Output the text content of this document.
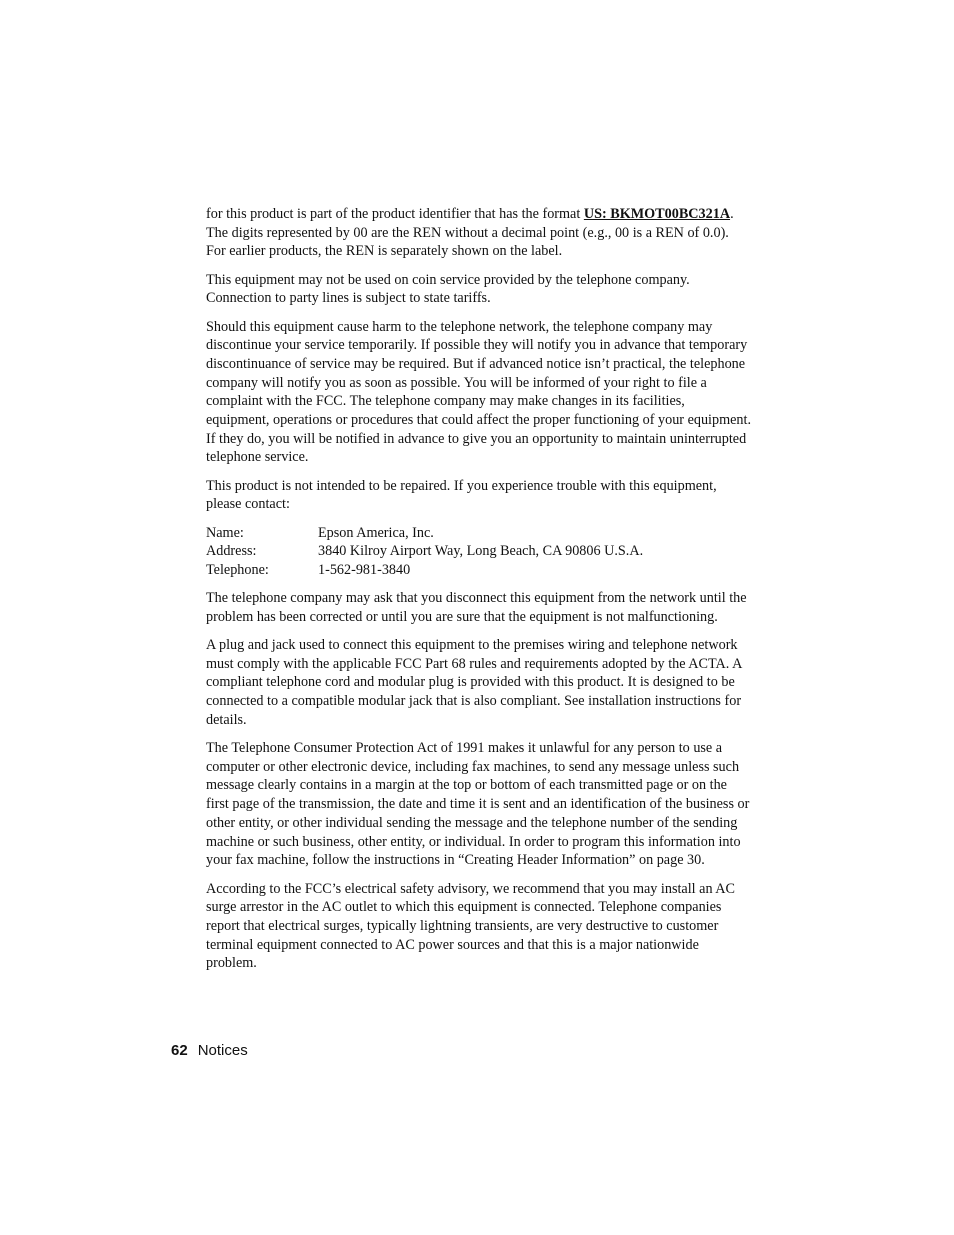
for this product is part of the product identifier that has the format US: BKMOT00BC321A. The digits represented by 00 are the REN without a decimal point (e.g., 00 is a REN of 0.0). For earlier products, the REN is separately shown on the label.

This equipment may not be used on coin service provided by the telephone company. Connection to party lines is subject to state tariffs.

Should this equipment cause harm to the telephone network, the telephone company may discontinue your service temporarily. If possible they will notify you in advance that temporary discontinuance of service may be required. But if advanced notice isn’t practical, the telephone company will notify you as soon as possible. You will be informed of your right to file a complaint with the FCC. The telephone company may make changes in its facilities, equipment, operations or procedures that could affect the proper functioning of your equipment. If they do, you will be notified in advance to give you an opportunity to maintain uninterrupted telephone service.

This product is not intended to be repaired. If you experience trouble with this equipment, please contact:

Name:	Epson America, Inc.
Address:	3840 Kilroy Airport Way, Long Beach, CA 90806 U.S.A.
Telephone:	1-562-981-3840

The telephone company may ask that you disconnect this equipment from the network until the problem has been corrected or until you are sure that the equipment is not malfunctioning.

A plug and jack used to connect this equipment to the premises wiring and telephone network must comply with the applicable FCC Part 68 rules and requirements adopted by the ACTA. A compliant telephone cord and modular plug is provided with this product. It is designed to be connected to a compatible modular jack that is also compliant. See installation instructions for details.

The Telephone Consumer Protection Act of 1991 makes it unlawful for any person to use a computer or other electronic device, including fax machines, to send any message unless such message clearly contains in a margin at the top or bottom of each transmitted page or on the first page of the transmission, the date and time it is sent and an identification of the business or other entity, or other individual sending the message and the telephone number of the sending machine or such business, other entity, or individual. In order to program this information into your fax machine, follow the instructions in “Creating Header Information” on page 30.

According to the FCC’s electrical safety advisory, we recommend that you may install an AC surge arrestor in the AC outlet to which this equipment is connected. Telephone companies report that electrical surges, typically lightning transients, are very destructive to customer terminal equipment connected to AC power sources and that this is a major nationwide problem.

62 Notices
